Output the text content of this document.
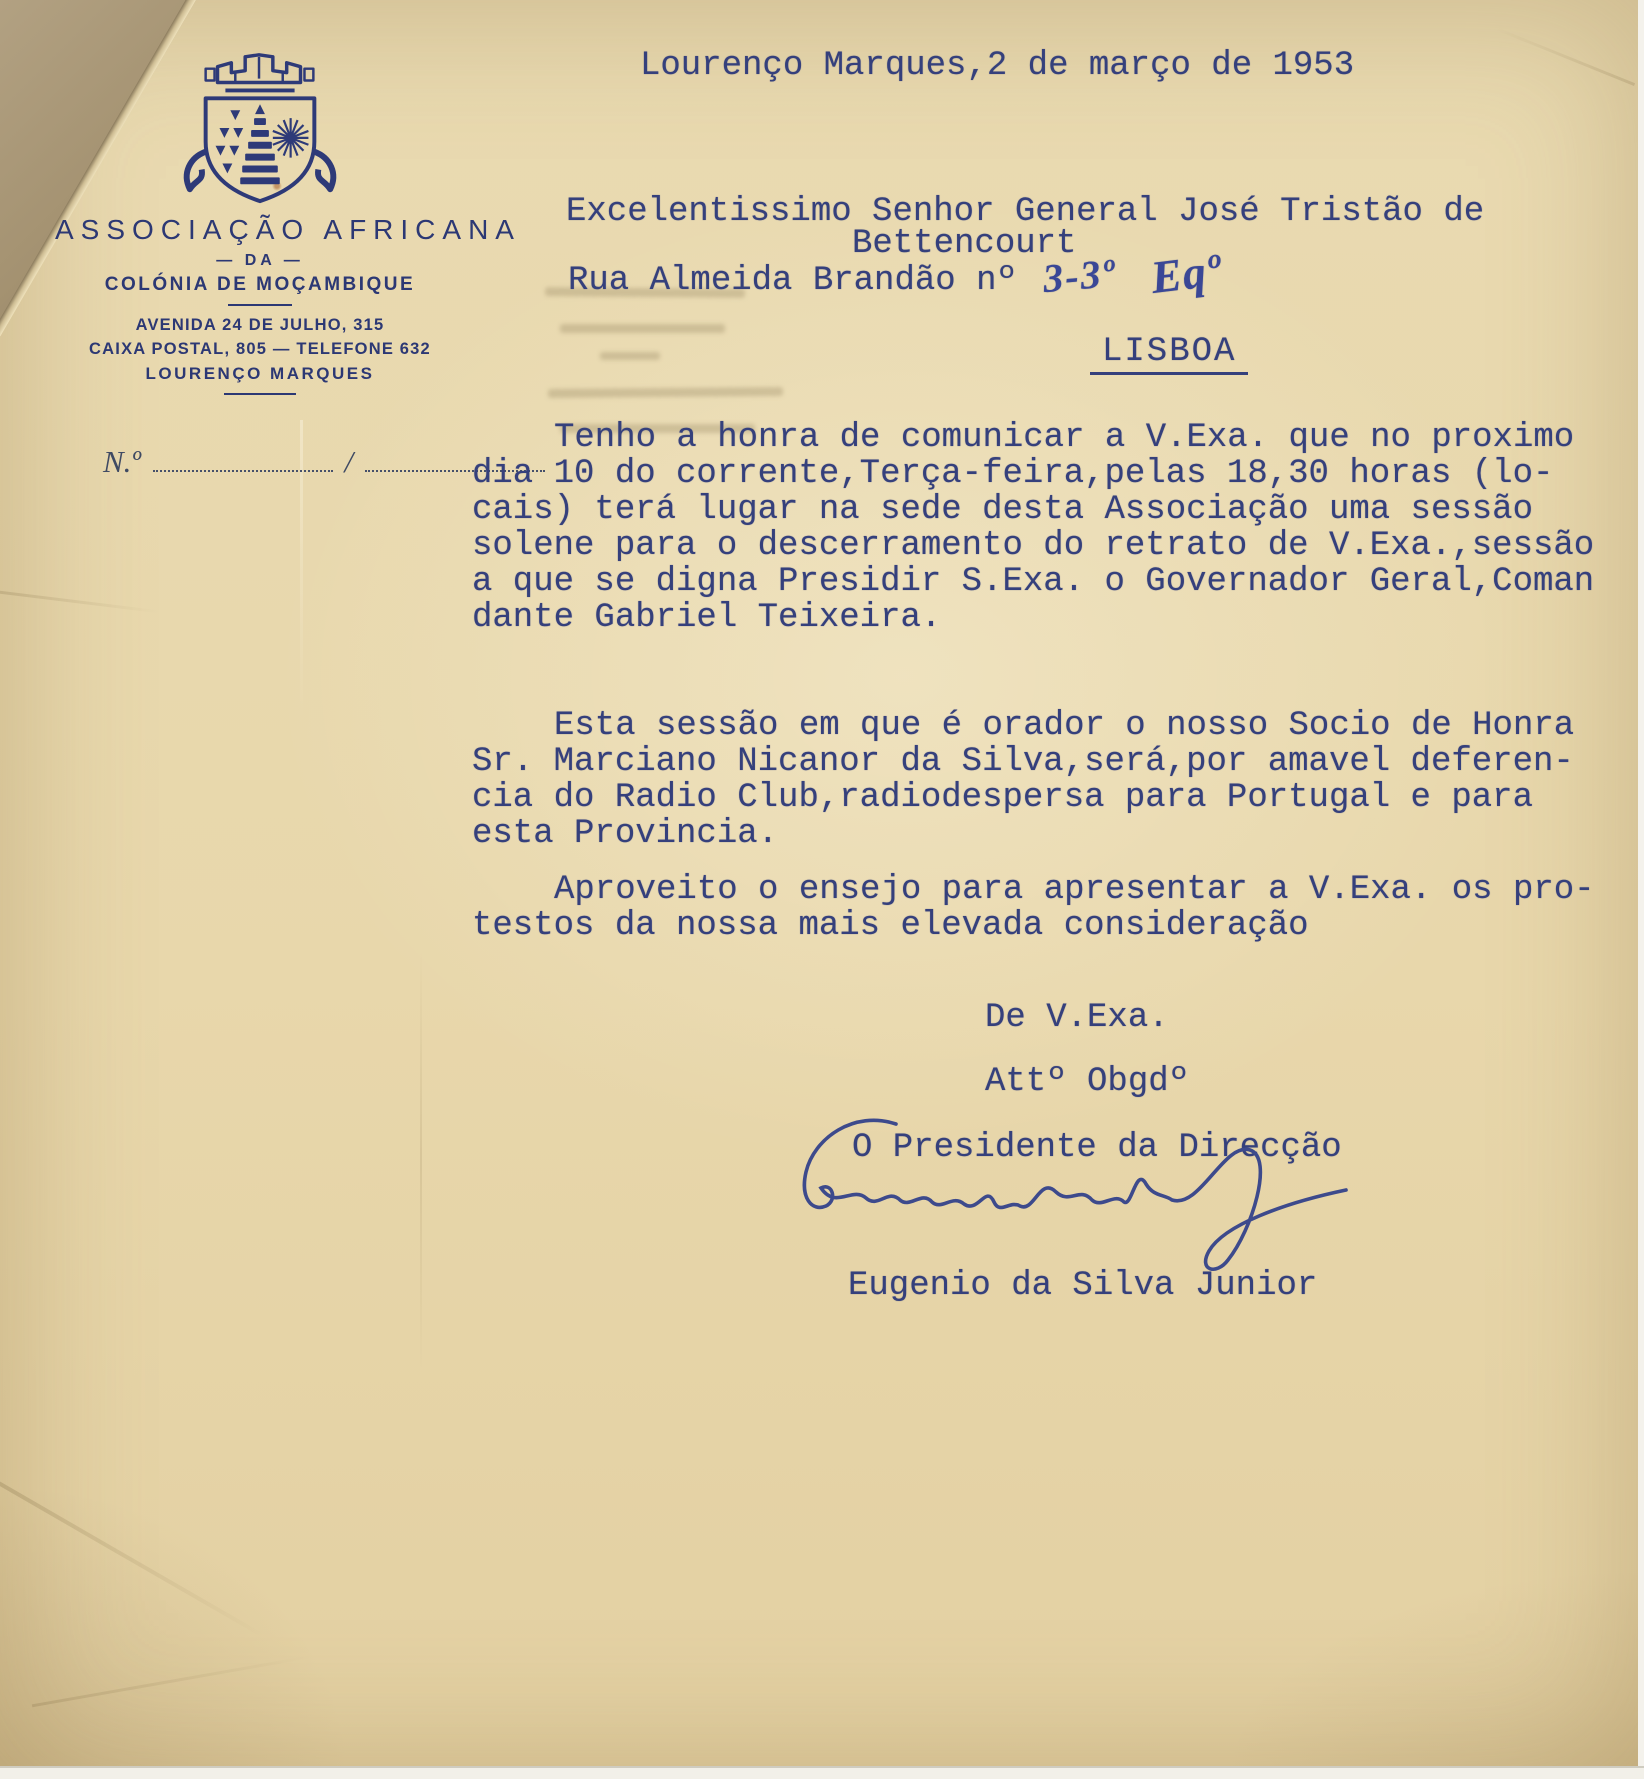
ASSOCIAÇÃO AFRICANA
— DA —
COLÓNIA DE MOÇAMBIQUE
AVENIDA 24 DE JULHO, 315
CAIXA POSTAL, 805 — TELEFONE 632
LOURENÇO MARQUES
N.º	/
Lourenço Marques,2 de março de 1953
Excelentissimo Senhor General José Tristão de
Bettencourt
Rua Almeida Brandão nº 3-3º Eqº
LISBOA
Tenho a honra de comunicar a V.Exa. que no proximo
dia 10 do corrente,Terça-feira,pelas 18,30 horas (lo-
cais) terá lugar na sede desta Associação uma sessão
solene para o descerramento do retrato de V.Exa.,sessão
a que se digna Presidir S.Exa. o Governador Geral,Coman
dante Gabriel Teixeira.
Esta sessão em que é orador o nosso Socio de Honra
Sr. Marciano Nicanor da Silva,será,por amavel deferen-
cia do Radio Club,radiodespersa para Portugal e para
esta Provincia.
Aproveito o ensejo para apresentar a V.Exa. os pro-
testos da nossa mais elevada consideração
De V.Exa.
Attº Obgdº
O Presidente da Direcção
Eugenio da Silva Junior
